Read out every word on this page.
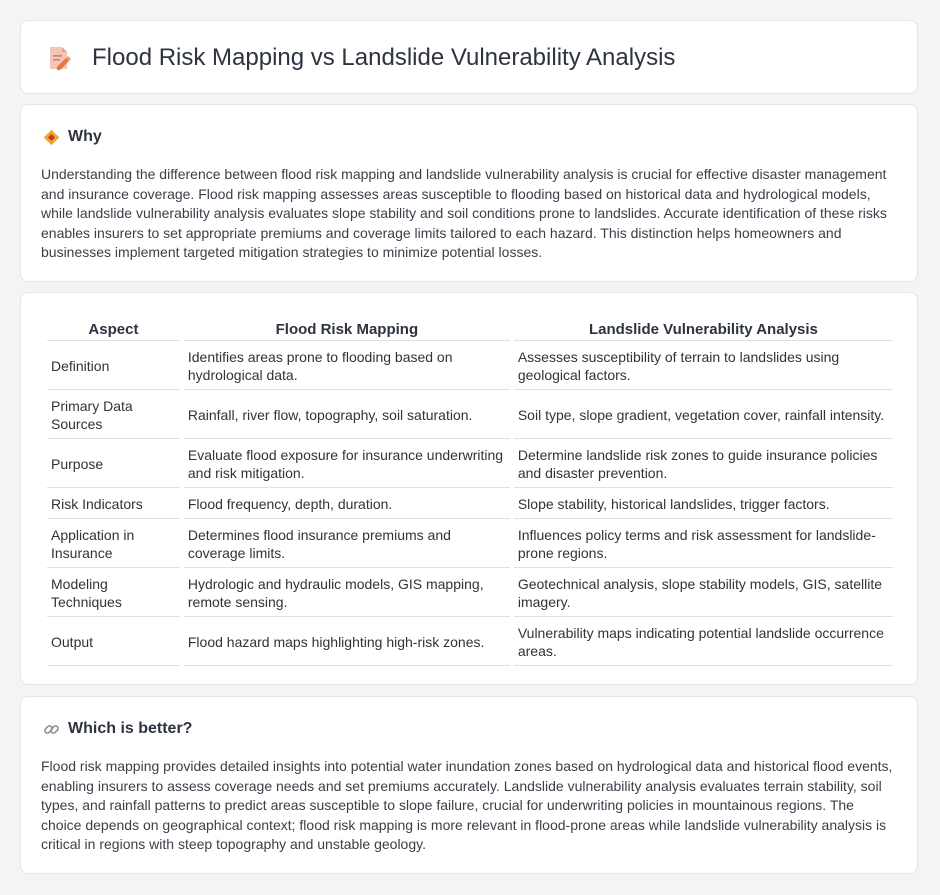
Flood Risk Mapping vs Landslide Vulnerability Analysis
Why

Understanding the difference between flood risk mapping and landslide vulnerability analysis is crucial for effective disaster management and insurance coverage. Flood risk mapping assesses areas susceptible to flooding based on historical data and hydrological models, while landslide vulnerability analysis evaluates slope stability and soil conditions prone to landslides. Accurate identification of these risks enables insurers to set appropriate premiums and coverage limits tailored to each hazard. This distinction helps homeowners and businesses implement targeted mitigation strategies to minimize potential losses.

Aspect	Flood Risk Mapping	Landslide Vulnerability Analysis
Definition	Identifies areas prone to flooding based on hydrological data.	Assesses susceptibility of terrain to landslides using geological factors.
Primary Data Sources	Rainfall, river flow, topography, soil saturation.	Soil type, slope gradient, vegetation cover, rainfall intensity.
Purpose	Evaluate flood exposure for insurance underwriting and risk mitigation.	Determine landslide risk zones to guide insurance policies and disaster prevention.
Risk Indicators	Flood frequency, depth, duration.	Slope stability, historical landslides, trigger factors.
Application in Insurance	Determines flood insurance premiums and coverage limits.	Influences policy terms and risk assessment for landslide-prone regions.
Modeling Techniques	Hydrologic and hydraulic models, GIS mapping, remote sensing.	Geotechnical analysis, slope stability models, GIS, satellite imagery.
Output	Flood hazard maps highlighting high-risk zones.	Vulnerability maps indicating potential landslide occurrence areas.
Which is better?

Flood risk mapping provides detailed insights into potential water inundation zones based on hydrological data and historical flood events, enabling insurers to assess coverage needs and set premiums accurately. Landslide vulnerability analysis evaluates terrain stability, soil types, and rainfall patterns to predict areas susceptible to slope failure, crucial for underwriting policies in mountainous regions. The choice depends on geographical context; flood risk mapping is more relevant in flood-prone areas while landslide vulnerability analysis is critical in regions with steep topography and unstable geology.
